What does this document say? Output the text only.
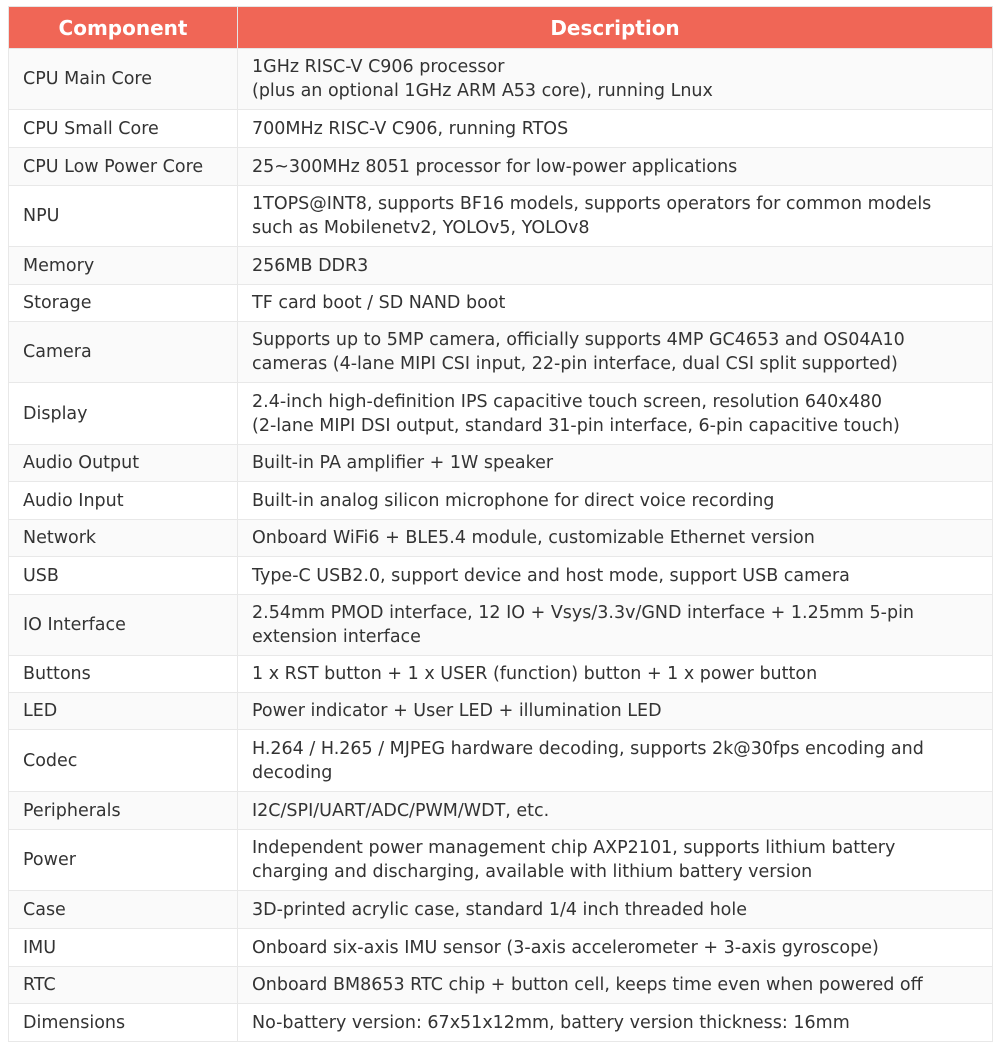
Component	Description
CPU Main Core	1GHz RISC-V C906 processor
(plus an optional 1GHz ARM A53 core), running Lnux
CPU Small Core	700MHz RISC-V C906, running RTOS
CPU Low Power Core	25~300MHz 8051 processor for low-power applications
NPU	1TOPS@INT8, supports BF16 models, supports operators for common models
such as Mobilenetv2, YOLOv5, YOLOv8
Memory	256MB DDR3
Storage	TF card boot / SD NAND boot
Camera	Supports up to 5MP camera, officially supports 4MP GC4653 and OS04A10
cameras (4-lane MIPI CSI input, 22-pin interface, dual CSI split supported)
Display	2.4-inch high-definition IPS capacitive touch screen, resolution 640x480
(2-lane MIPI DSI output, standard 31-pin interface, 6-pin capacitive touch)
Audio Output	Built-in PA amplifier + 1W speaker
Audio Input	Built-in analog silicon microphone for direct voice recording
Network	Onboard WiFi6 + BLE5.4 module, customizable Ethernet version
USB	Type-C USB2.0, support device and host mode, support USB camera
IO Interface	2.54mm PMOD interface, 12 IO + Vsys/3.3v/GND interface + 1.25mm 5-pin
extension interface
Buttons	1 x RST button + 1 x USER (function) button + 1 x power button
LED	Power indicator + User LED + illumination LED
Codec	H.264 / H.265 / MJPEG hardware decoding, supports 2k@30fps encoding and
decoding
Peripherals	I2C/SPI/UART/ADC/PWM/WDT, etc.
Power	Independent power management chip AXP2101, supports lithium battery
charging and discharging, available with lithium battery version
Case	3D-printed acrylic case, standard 1/4 inch threaded hole
IMU	Onboard six-axis IMU sensor (3-axis accelerometer + 3-axis gyroscope)
RTC	Onboard BM8653 RTC chip + button cell, keeps time even when powered off
Dimensions	No-battery version: 67x51x12mm, battery version thickness: 16mm
